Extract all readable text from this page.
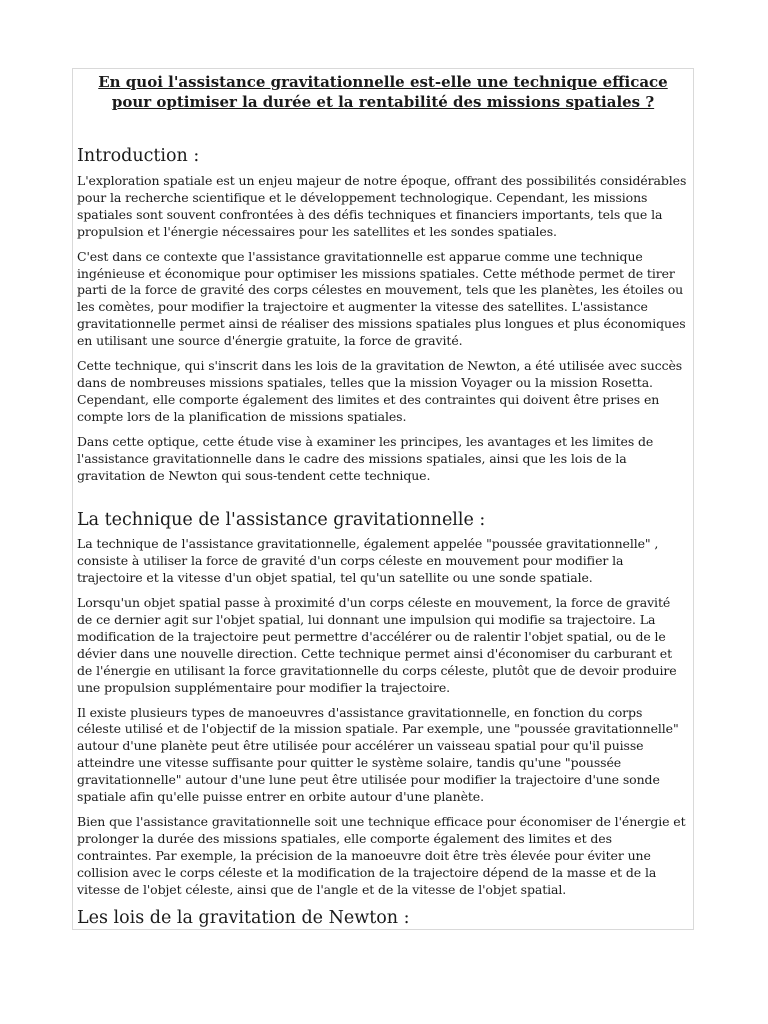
En quoi l'assistance gravitationnelle est-elle une technique efficace pour optimiser la durée et la rentabilité des missions spatiales ?
Introduction :

L'exploration spatiale est un enjeu majeur de notre époque, offrant des possibilités considérables pour la recherche scientifique et le développement technologique. Cependant, les missions spatiales sont souvent confrontées à des défis techniques et financiers importants, tels que la propulsion et l'énergie nécessaires pour les satellites et les sondes spatiales.

C'est dans ce contexte que l'assistance gravitationnelle est apparue comme une technique ingénieuse et économique pour optimiser les missions spatiales. Cette méthode permet de tirer parti de la force de gravité des corps célestes en mouvement, tels que les planètes, les étoiles ou les comètes, pour modifier la trajectoire et augmenter la vitesse des satellites. L'assistance gravitationnelle permet ainsi de réaliser des missions spatiales plus longues et plus économiques en utilisant une source d'énergie gratuite, la force de gravité.

Cette technique, qui s'inscrit dans les lois de la gravitation de Newton, a été utilisée avec succès dans de nombreuses missions spatiales, telles que la mission Voyager ou la mission Rosetta. Cependant, elle comporte également des limites et des contraintes qui doivent être prises en compte lors de la planification de missions spatiales.

Dans cette optique, cette étude vise à examiner les principes, les avantages et les limites de l'assistance gravitationnelle dans le cadre des missions spatiales, ainsi que les lois de la gravitation de Newton qui sous-tendent cette technique.

La technique de l'assistance gravitationnelle :

La technique de l'assistance gravitationnelle, également appelée "poussée gravitationnelle" , consiste à utiliser la force de gravité d'un corps céleste en mouvement pour modifier la trajectoire et la vitesse d'un objet spatial, tel qu'un satellite ou une sonde spatiale.

Lorsqu'un objet spatial passe à proximité d'un corps céleste en mouvement, la force de gravité de ce dernier agit sur l'objet spatial, lui donnant une impulsion qui modifie sa trajectoire. La modification de la trajectoire peut permettre d'accélérer ou de ralentir l'objet spatial, ou de le dévier dans une nouvelle direction. Cette technique permet ainsi d'économiser du carburant et de l'énergie en utilisant la force gravitationnelle du corps céleste, plutôt que de devoir produire une propulsion supplémentaire pour modifier la trajectoire.

Il existe plusieurs types de manoeuvres d'assistance gravitationnelle, en fonction du corps céleste utilisé et de l'objectif de la mission spatiale. Par exemple, une "poussée gravitationnelle" autour d'une planète peut être utilisée pour accélérer un vaisseau spatial pour qu'il puisse atteindre une vitesse suffisante pour quitter le système solaire, tandis qu'une "poussée gravitationnelle" autour d'une lune peut être utilisée pour modifier la trajectoire d'une sonde spatiale afin qu'elle puisse entrer en orbite autour d'une planète.

Bien que l'assistance gravitationnelle soit une technique efficace pour économiser de l'énergie et prolonger la durée des missions spatiales, elle comporte également des limites et des contraintes. Par exemple, la précision de la manoeuvre doit être très élevée pour éviter une collision avec le corps céleste et la modification de la trajectoire dépend de la masse et de la vitesse de l'objet céleste, ainsi que de l'angle et de la vitesse de l'objet spatial.

Les lois de la gravitation de Newton :
